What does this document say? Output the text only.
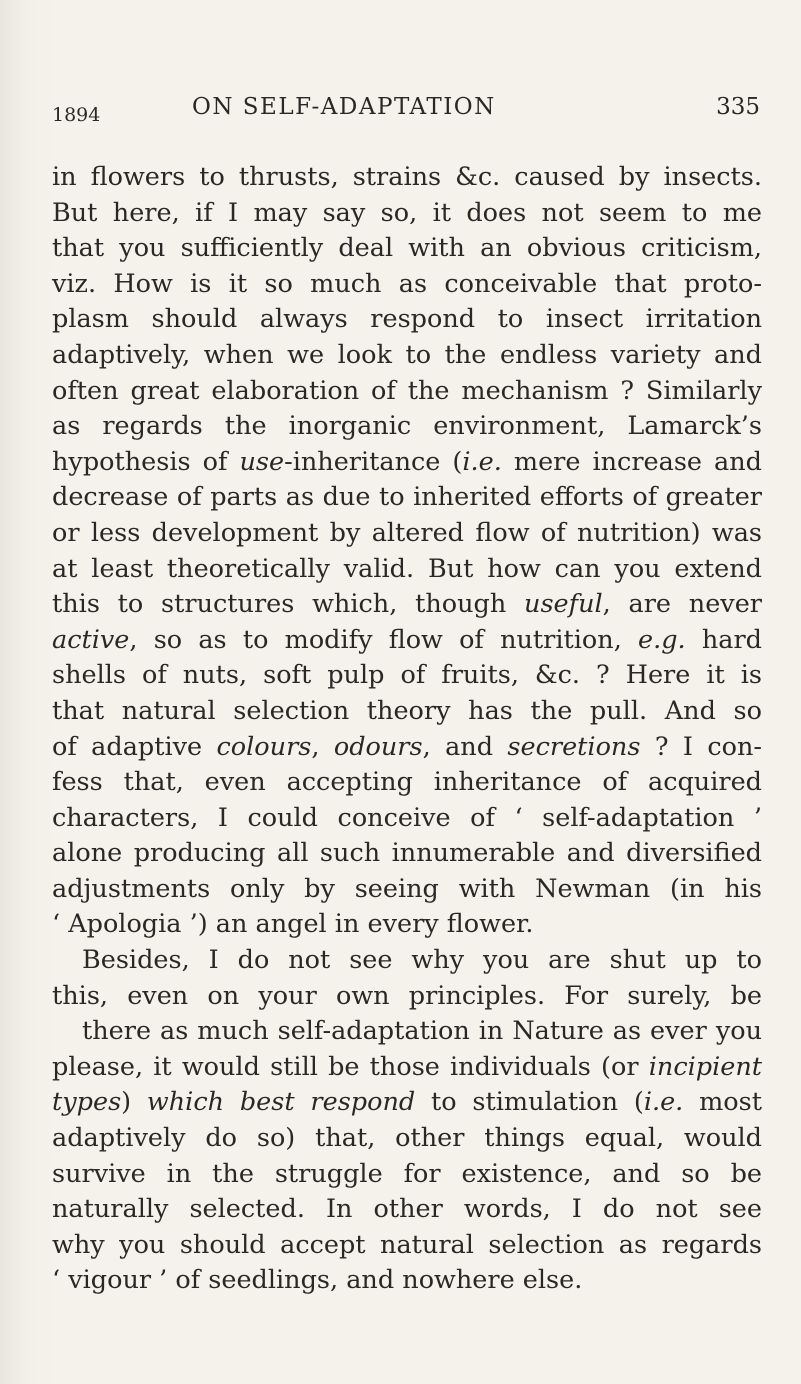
1894	ON SELF-ADAPTATION	335
in flowers to thrusts, strains &c. caused by insects.
But here, if I may say so, it does not seem to me
that you sufficiently deal with an obvious criticism,
viz. How is it so much as conceivable that proto-
plasm should always respond to insect irritation
adaptively, when we look to the endless variety and
often great elaboration of the mechanism ? Similarly
as regards the inorganic environment, Lamarck’s
hypothesis of use-inheritance (i.e. mere increase and
decrease of parts as due to inherited efforts of greater
or less development by altered flow of nutrition) was
at least theoretically valid. But how can you extend
this to structures which, though useful, are never
active, so as to modify flow of nutrition, e.g. hard
shells of nuts, soft pulp of fruits, &c. ? Here it is
that natural selection theory has the pull. And so
of adaptive colours, odours, and secretions ? I con-
fess that, even accepting inheritance of acquired
characters, I could conceive of ‘ self-adaptation ’
alone producing all such innumerable and diversified
adjustments only by seeing with Newman (in his
‘ Apologia ’) an angel in every flower.
Besides, I do not see why you are shut up to
this, even on your own principles. For surely, be
there as much self-adaptation in Nature as ever you
please, it would still be those individuals (or incipient
types) which best respond to stimulation (i.e. most
adaptively do so) that, other things equal, would
survive in the struggle for existence, and so be
naturally selected. In other words, I do not see
why you should accept natural selection as regards
‘ vigour ’ of seedlings, and nowhere else.
